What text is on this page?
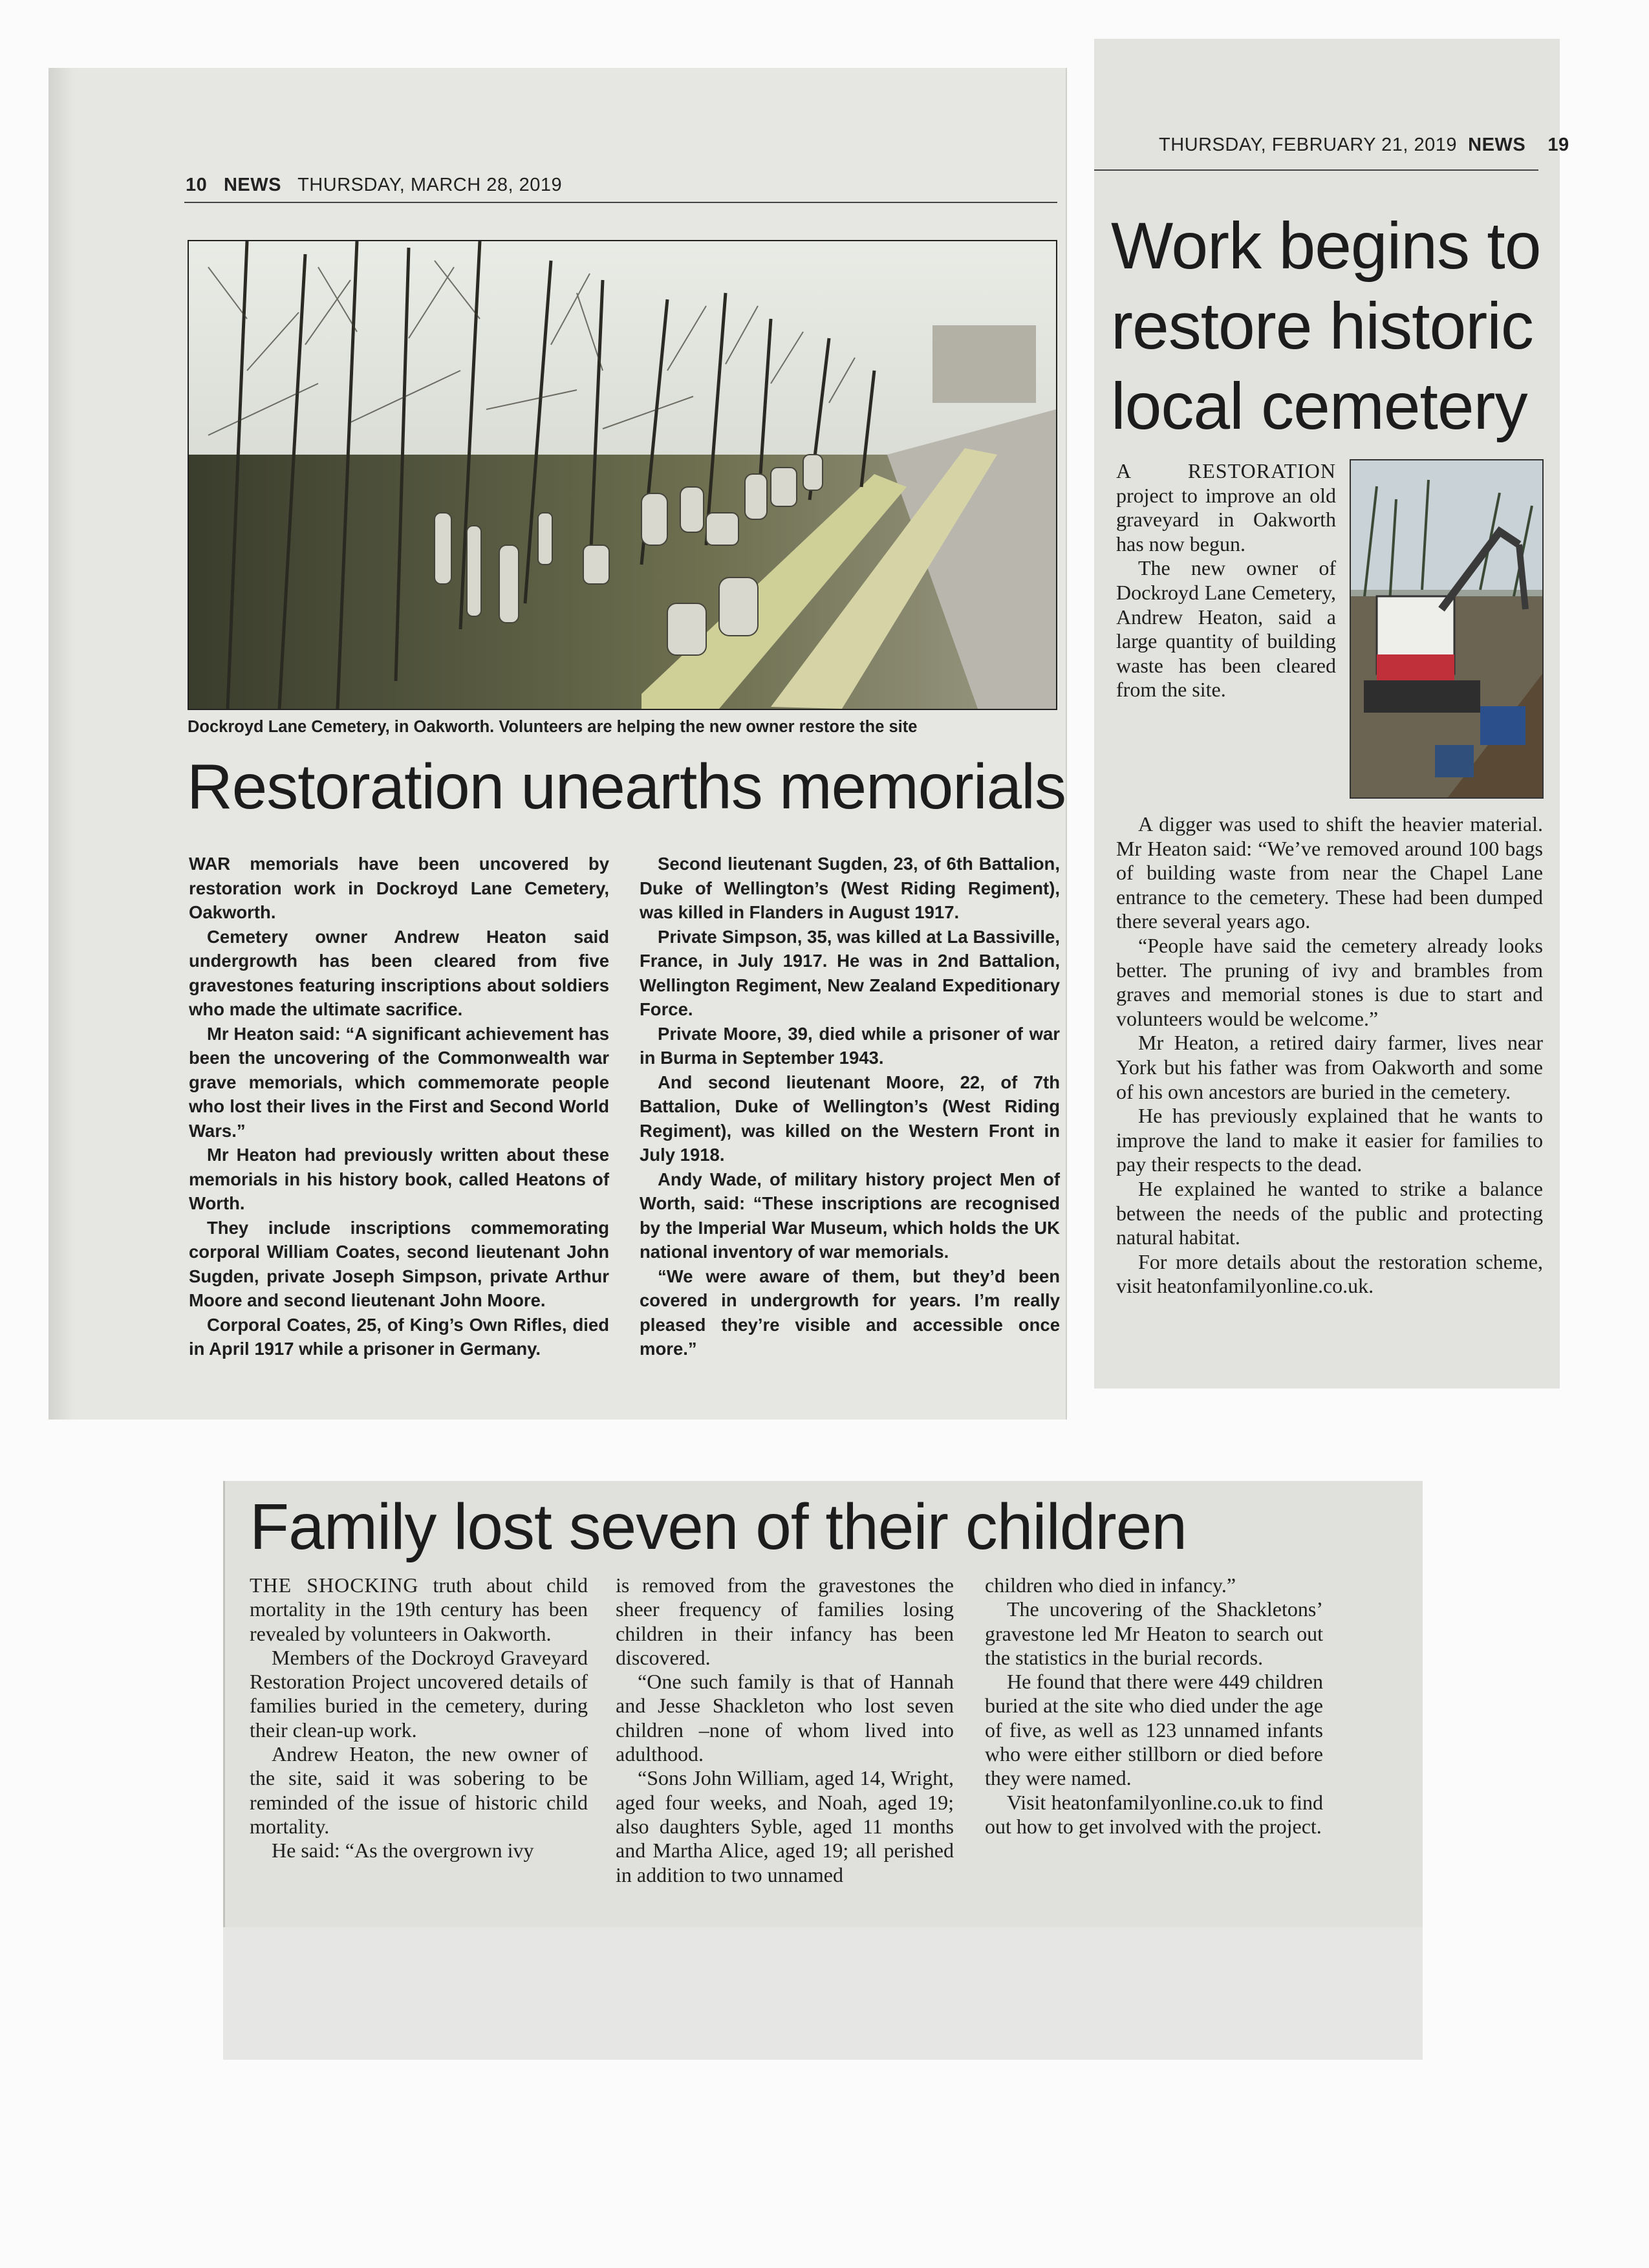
10 NEWS THURSDAY, MARCH 28, 2019
Dockroyd Lane Cemetery, in Oakworth. Volunteers are helping the new owner restore the site
Restoration unearths memorials

WAR memorials have been uncovered by restoration work in Dockroyd Lane Cemetery, Oakworth.

Cemetery owner Andrew Heaton said undergrowth has been cleared from five gravestones featuring inscriptions about soldiers who made the ultimate sacrifice.

Mr Heaton said: “A significant achievement has been the uncovering of the Commonwealth war grave memorials, which commemorate people who lost their lives in the First and Second World Wars.”

Mr Heaton had previously written about these memorials in his history book, called Heatons of Worth.

They include inscriptions commemorating corporal William Coates, second lieutenant John Sugden, private Joseph Simpson, private Arthur Moore and second lieutenant John Moore.

Corporal Coates, 25, of King’s Own Rifles, died in April 1917 while a prisoner in Germany.

Second lieutenant Sugden, 23, of 6th Battalion, Duke of Wellington’s (West Riding Regiment), was killed in Flanders in August 1917.

Private Simpson, 35, was killed at La Bassiville, France, in July 1917. He was in 2nd Battalion, Wellington Regiment, New Zealand Expeditionary Force.

Private Moore, 39, died while a prisoner of war in Burma in September 1943.

And second lieutenant Moore, 22, of 7th Battalion, Duke of Wellington’s (West Riding Regiment), was killed on the Western Front in July 1918.

Andy Wade, of military history project Men of Worth, said: “These inscriptions are recognised by the Imperial War Museum, which holds the UK national inventory of war memorials.

“We were aware of them, but they’d been covered in undergrowth for years. I’m really pleased they’re visible and accessible once more.”

THURSDAY, FEBRUARY 21, 2019 NEWS 19
Work begins to
restore historic
local cemetery

A RESTORATION project to improve an old graveyard in Oakworth has now begun.

The new owner of Dockroyd Lane Cemetery, Andrew Heaton, said a large quantity of building waste has been cleared from the site.

A digger was used to shift the heavier material. Mr Heaton said: “We’ve removed around 100 bags of building waste from near the Chapel Lane entrance to the cemetery. These had been dumped there several years ago.

“People have said the cemetery already looks better. The pruning of ivy and brambles from graves and memorial stones is due to start and volunteers would be welcome.”

Mr Heaton, a retired dairy farmer, lives near York but his father was from Oakworth and some of his own ancestors are buried in the cemetery.

He has previously explained that he wants to improve the land to make it easier for families to pay their respects to the dead.

He explained he wanted to strike a balance between the needs of the public and protecting natural habitat.

For more details about the restoration scheme, visit heatonfamilyonline.co.uk.

Family lost seven of their children

THE SHOCKING truth about child mortality in the 19th century has been revealed by volunteers in Oakworth.

Members of the Dockroyd Graveyard Restoration Project uncovered details of families buried in the cemetery, during their clean-up work.

Andrew Heaton, the new owner of the site, said it was sobering to be reminded of the issue of historic child mortality.

He said: “As the overgrown ivy

is removed from the gravestones the sheer frequency of families losing children in their infancy has been discovered.

“One such family is that of Hannah and Jesse Shackleton who lost seven children –none of whom lived into adulthood.

“Sons John William, aged 14, Wright, aged four weeks, and Noah, aged 19; also daughters Syble, aged 11 months and Martha Alice, aged 19; all perished in addition to two unnamed

children who died in infancy.”

The uncovering of the Shackletons’ gravestone led Mr Heaton to search out the statistics in the burial records.

He found that there were 449 children buried at the site who died under the age of five, as well as 123 unnamed infants who were either stillborn or died before they were named.

Visit heatonfamilyonline.co.uk to find out how to get involved with the project.
